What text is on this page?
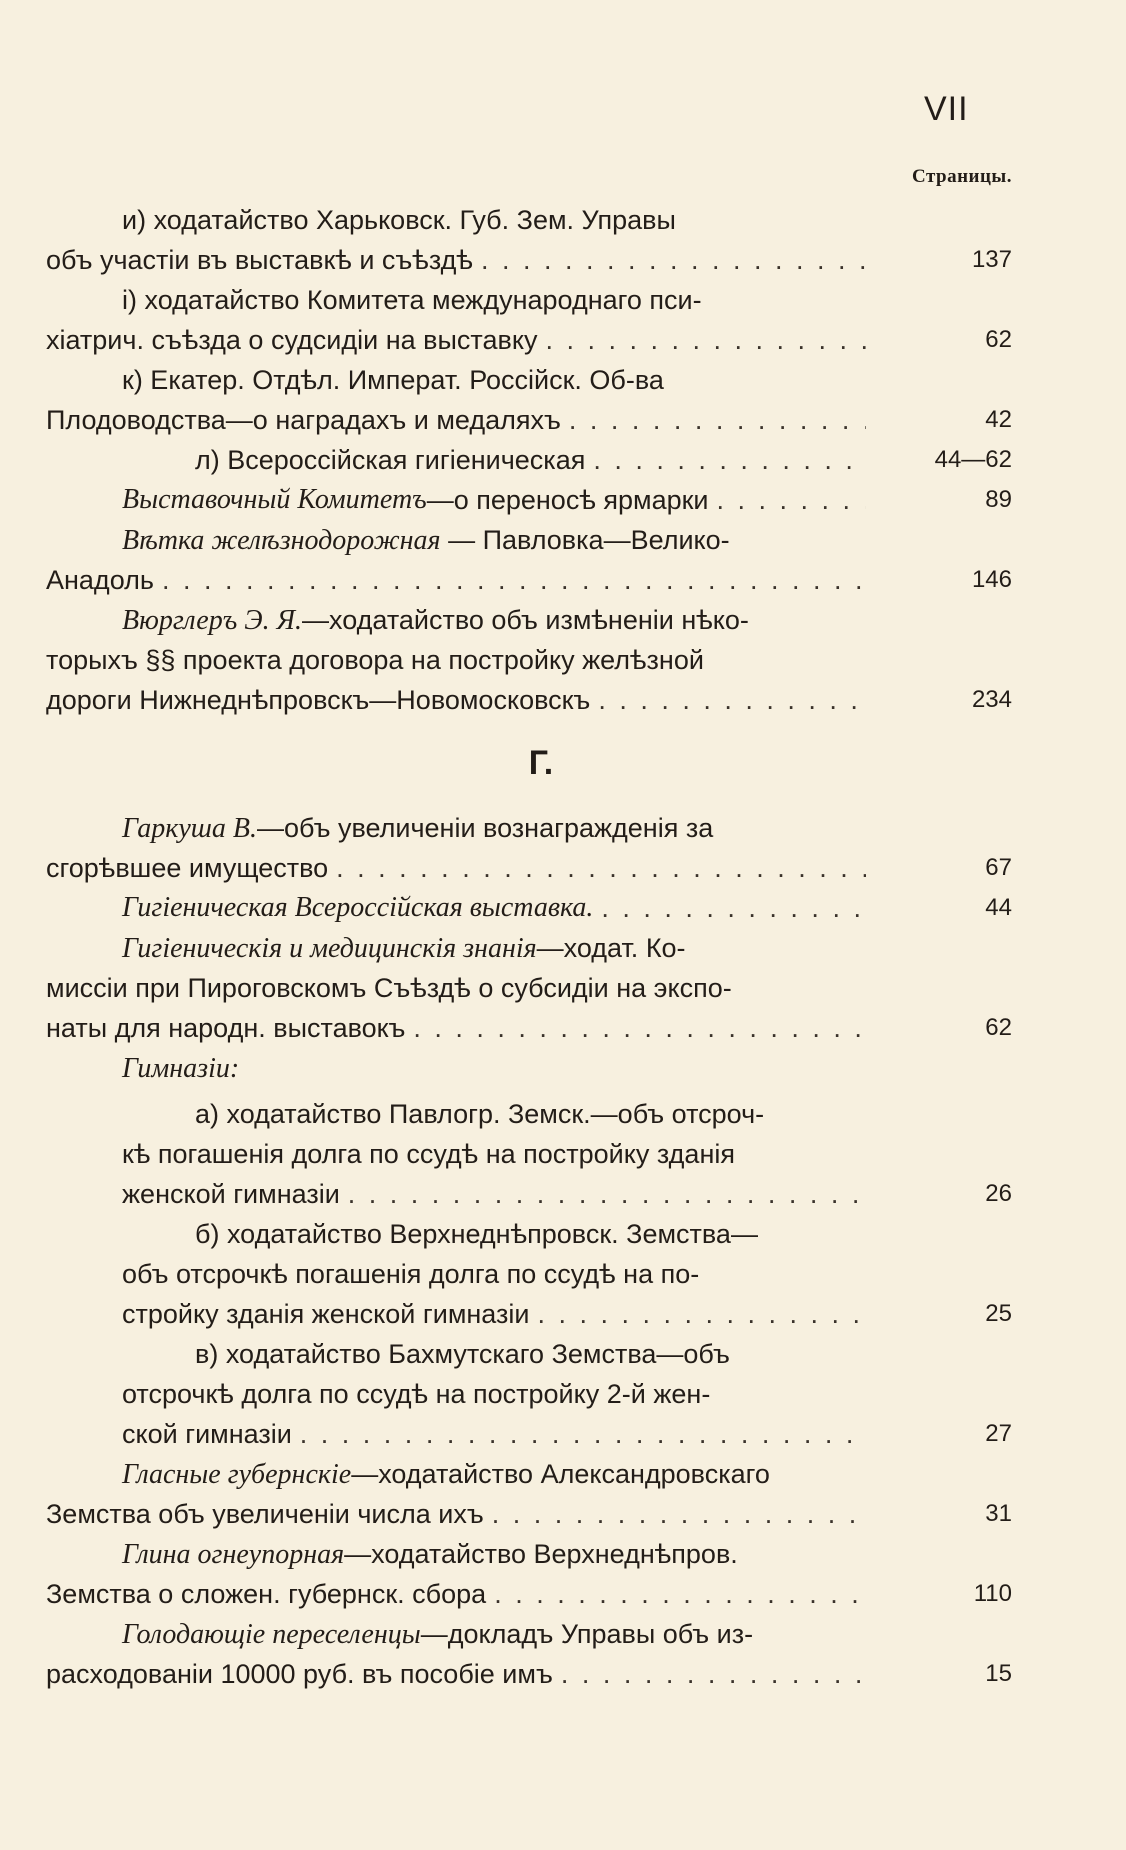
VII
Страницы.
и) ходатайство Харьковск. Губ. Зем. Управы
объ участіи въ выставкѣ и съѣздѣ . . .	137
і) ходатайство Комитета международнаго пси-
хіатрич. съѣзда о судсидіи на выставку . . .	62
к) Екатер. Отдѣл. Императ. Россійск. Об-ва
Плодоводства—о наградахъ и медаляхъ . . .	42
л) Всероссійская гигіеническая . . .	44—62
Выставочный Комитетъ —о переносѣ ярмарки . . .	89
Вѣтка желѣзнодорожная — Павловка—Велико-
Анадоль . . .	146
Вюрглеръ Э. Я.—ходатайство объ измѣненіи нѣко-
торыхъ §§ проекта договора на постройку желѣзной
дороги Нижнеднѣпровскъ—Новомосковскъ . . .	234
Г.
Гаркуша В.—объ увеличеніи вознагражденія за
сгорѣвшее имущество . . .	67
Гигіеническая Всероссійская выставка. . . .	44
Гигіеническія и медицинскія знанія—ходат. Ко-
миссіи при Пироговскомъ Съѣздѣ о субсидіи на экспо-
наты для народн. выставокъ . . .	62
Гимназіи:
а) ходатайство Павлогр. Земск.—объ отсроч-
кѣ погашенія долга по ссудѣ на постройку зданія
женской гимназіи . . .	26
б) ходатайство Верхнеднѣпровск. Земства—
объ отсрочкѣ погашенія долга по ссудѣ на по-
стройку зданія женской гимназіи . . .	25
в) ходатайство Бахмутскаго Земства—объ
отсрочкѣ долга по ссудѣ на постройку 2-й жен-
ской гимназіи . . .	27
Гласные губернскіе—ходатайство Александровскаго
Земства объ увеличеніи числа ихъ . . .	31
Глина огнеупорная—ходатайство Верхнеднѣпров.
Земства о сложен. губернск. сбора . . .	110
Голодающіе переселенцы—докладъ Управы объ из-
расходованіи 10000 руб. въ пособіе имъ . . .	15
